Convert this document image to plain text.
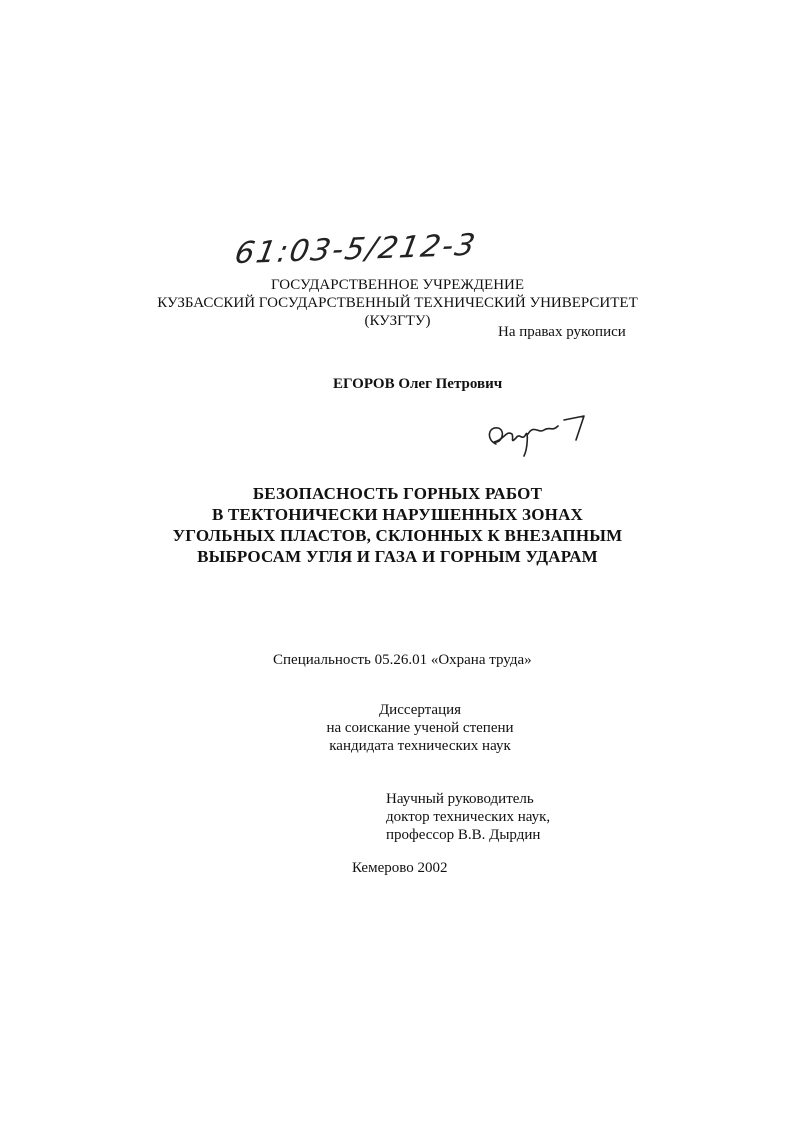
61:03-5/212-3
ГОСУДАРСТВЕННОЕ УЧРЕЖДЕНИЕ
КУЗБАССКИЙ ГОСУДАРСТВЕННЫЙ ТЕХНИЧЕСКИЙ УНИВЕРСИТЕТ
(КУЗГТУ)
На правах рукописи
ЕГОРОВ Олег Петрович
БЕЗОПАСНОСТЬ ГОРНЫХ РАБОТ
В ТЕКТОНИЧЕСКИ НАРУШЕННЫХ ЗОНАХ
УГОЛЬНЫХ ПЛАСТОВ, СКЛОННЫХ К ВНЕЗАПНЫМ
ВЫБРОСАМ УГЛЯ И ГАЗА И ГОРНЫМ УДАРАМ
Специальность 05.26.01 «Охрана труда»
Диссертация
на соискание ученой степени
кандидата технических наук
Научный руководитель
доктор технических наук,
профессор В.В. Дырдин
Кемерово 2002
